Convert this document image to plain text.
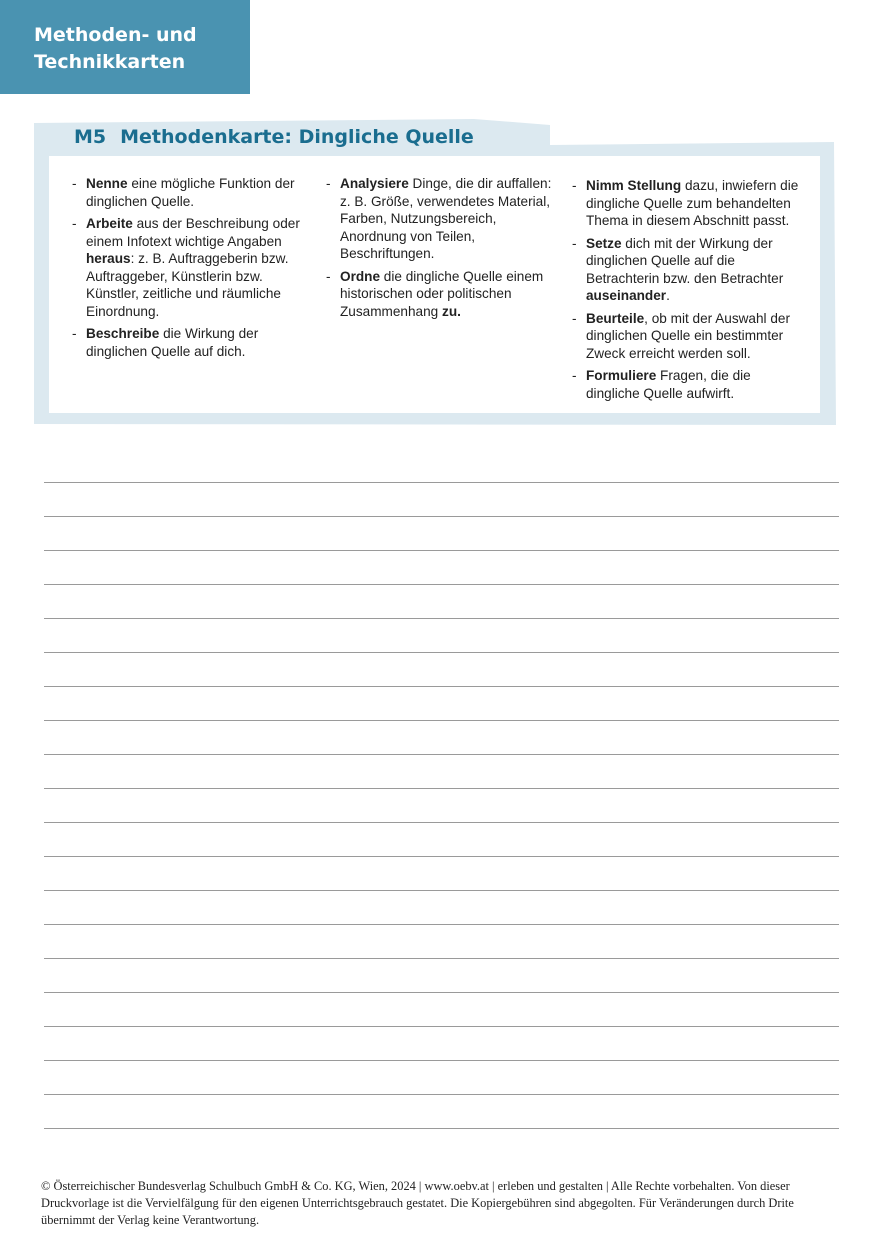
Methoden- und
Technikkarten
M5 Methodenkarte: Dingliche Quelle
- Nenne eine mögliche Funktion der dinglichen Quelle.
- Arbeite aus der Beschreibung oder einem Infotext wichtige Angaben heraus: z. B. Auftraggeberin bzw. Auftraggeber, Künstlerin bzw. Künstler, zeitliche und räumliche Einordnung.
- Beschreibe die Wirkung der dinglichen Quelle auf dich.
- Analysiere Dinge, die dir auffallen: z. B. Größe, verwendetes Material, Farben, Nutzungsbereich, Anordnung von Teilen, Beschriftungen.
- Ordne die dingliche Quelle einem historischen oder politischen Zusammenhang zu.
- Nimm Stellung dazu, inwiefern die dingliche Quelle zum behandelten Thema in diesem Abschnitt passt.
- Setze dich mit der Wirkung der dinglichen Quelle auf die Betrachterin bzw. den Betrachter auseinander.
- Beurteile, ob mit der Auswahl der dinglichen Quelle ein bestimmter Zweck erreicht werden soll.
- Formuliere Fragen, die die dingliche Quelle aufwirft.
© Österreichischer Bundesverlag Schulbuch GmbH & Co. KG, Wien, 2024 | www.oebv.at | erleben und gestalten | Alle Rechte vorbehalten. Von dieser Druckvorlage ist die Vervielfälgung für den eigenen Unterrichtsgebrauch gestatet. Die Kopiergebühren sind abgegolten. Für Veränderungen durch Drite übernimmt der Verlag keine Verantwortung.
